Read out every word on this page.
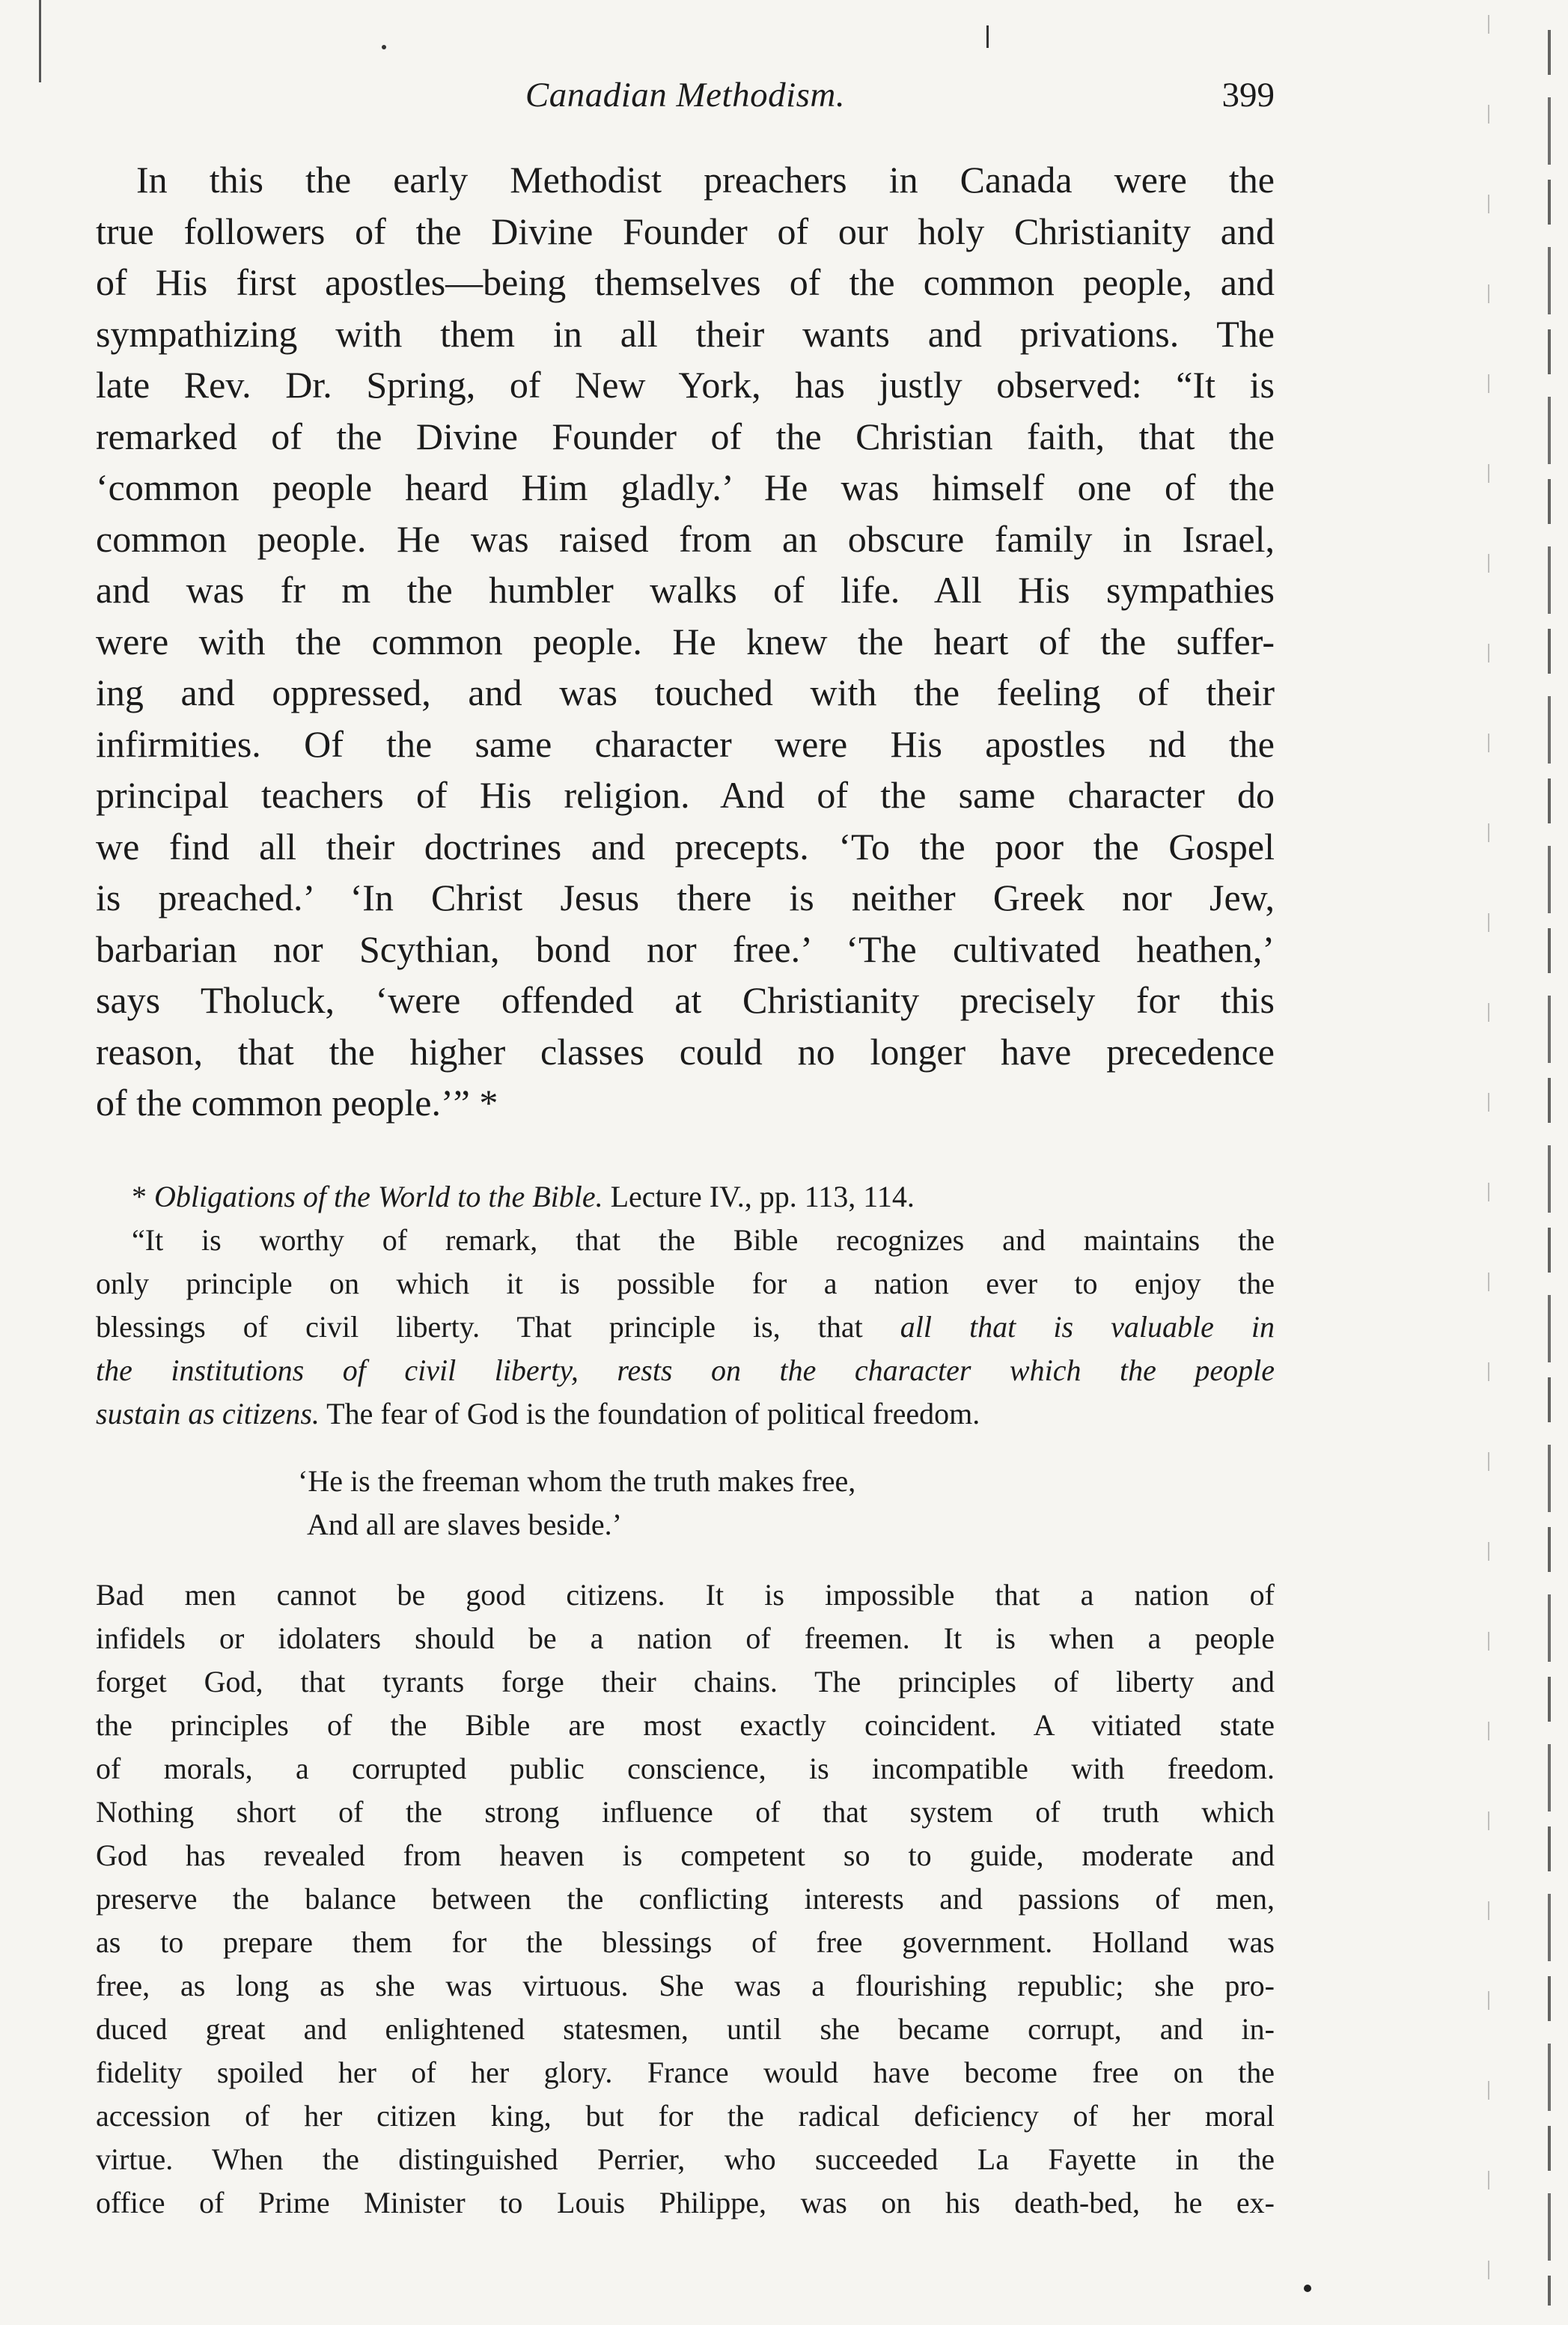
Canadian Methodism.	399
In this the early Methodist preachers in Canada were the
true followers of the Divine Founder of our holy Christianity and
of His first apostles—being themselves of the common people, and
sympathizing with them in all their wants and privations. The
late Rev. Dr. Spring, of New York, has justly observed: “It is
remarked of the Divine Founder of the Christian faith, that the
‘common people heard Him gladly.’ He was himself one of the
common people. He was raised from an obscure family in Israel,
and was fr m the humbler walks of life. All His sympathies
were with the common people. He knew the heart of the suffer-
ing and oppressed, and was touched with the feeling of their
infirmities. Of the same character were His apostles nd the
principal teachers of His religion. And of the same character do
we find all their doctrines and precepts. ‘To the poor the Gospel
is preached.’ ‘In Christ Jesus there is neither Greek nor Jew,
barbarian nor Scythian, bond nor free.’ ‘The cultivated heathen,’
says Tholuck, ‘were offended at Christianity precisely for this
reason, that the higher classes could no longer have precedence
of the common people.’” *
* Obligations of the World to the Bible. Lecture IV., pp. 113, 114.
“It is worthy of remark, that the Bible recognizes and maintains the
only principle on which it is possible for a nation ever to enjoy the
blessings of civil liberty. That principle is, that all that is valuable in
the institutions of civil liberty, rests on the character which the people
sustain as citizens. The fear of God is the foundation of political freedom.
‘He is the freeman whom the truth makes free,
And all are slaves beside.’
Bad men cannot be good citizens. It is impossible that a nation of
infidels or idolaters should be a nation of freemen. It is when a people
forget God, that tyrants forge their chains. The principles of liberty and
the principles of the Bible are most exactly coincident. A vitiated state
of morals, a corrupted public conscience, is incompatible with freedom.
Nothing short of the strong influence of that system of truth which
God has revealed from heaven is competent so to guide, moderate and
preserve the balance between the conflicting interests and passions of men,
as to prepare them for the blessings of free government. Holland was
free, as long as she was virtuous. She was a flourishing republic; she pro-
duced great and enlightened statesmen, until she became corrupt, and in-
fidelity spoiled her of her glory. France would have become free on the
accession of her citizen king, but for the radical deficiency of her moral
virtue. When the distinguished Perrier, who succeeded La Fayette in the
office of Prime Minister to Louis Philippe, was on his death-bed, he ex-
